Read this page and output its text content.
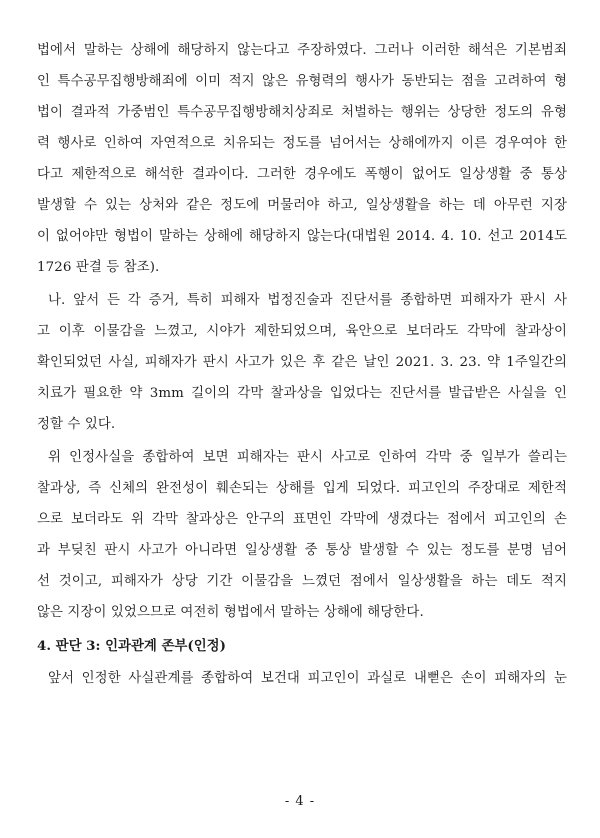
법에서 말하는 상해에 해당하지 않는다고 주장하였다. 그러나 이러한 해석은 기본범죄
인 특수공무집행방해죄에 이미 적지 않은 유형력의 행사가 동반되는 점을 고려하여 형
법이 결과적 가중범인 특수공무집행방해치상죄로 처벌하는 행위는 상당한 정도의 유형
력 행사로 인하여 자연적으로 치유되는 정도를 넘어서는 상해에까지 이른 경우여야 한
다고 제한적으로 해석한 결과이다. 그러한 경우에도 폭행이 없어도 일상생활 중 통상
발생할 수 있는 상처와 같은 정도에 머물러야 하고, 일상생활을 하는 데 아무런 지장
이 없어야만 형법이 말하는 상해에 해당하지 않는다(대법원 2014. 4. 10. 선고 2014도
1726 판결 등 참조).
나. 앞서 든 각 증거, 특히 피해자 법정진술과 진단서를 종합하면 피해자가 판시 사
고 이후 이물감을 느꼈고, 시야가 제한되었으며, 육안으로 보더라도 각막에 찰과상이
확인되었던 사실, 피해자가 판시 사고가 있은 후 같은 날인 2021. 3. 23. 약 1주일간의
치료가 필요한 약 3mm 길이의 각막 찰과상을 입었다는 진단서를 발급받은 사실을 인
정할 수 있다.
위 인정사실을 종합하여 보면 피해자는 판시 사고로 인하여 각막 중 일부가 쓸리는
찰과상, 즉 신체의 완전성이 훼손되는 상해를 입게 되었다. 피고인의 주장대로 제한적
으로 보더라도 위 각막 찰과상은 안구의 표면인 각막에 생겼다는 점에서 피고인의 손
과 부딪친 판시 사고가 아니라면 일상생활 중 통상 발생할 수 있는 정도를 분명 넘어
선 것이고, 피해자가 상당 기간 이물감을 느꼈던 점에서 일상생활을 하는 데도 적지
않은 지장이 있었으므로 여전히 형법에서 말하는 상해에 해당한다.
4. 판단 3: 인과관계 존부(인정)
앞서 인정한 사실관계를 종합하여 보건대 피고인이 과실로 내뻗은 손이 피해자의 눈
- 4 -
